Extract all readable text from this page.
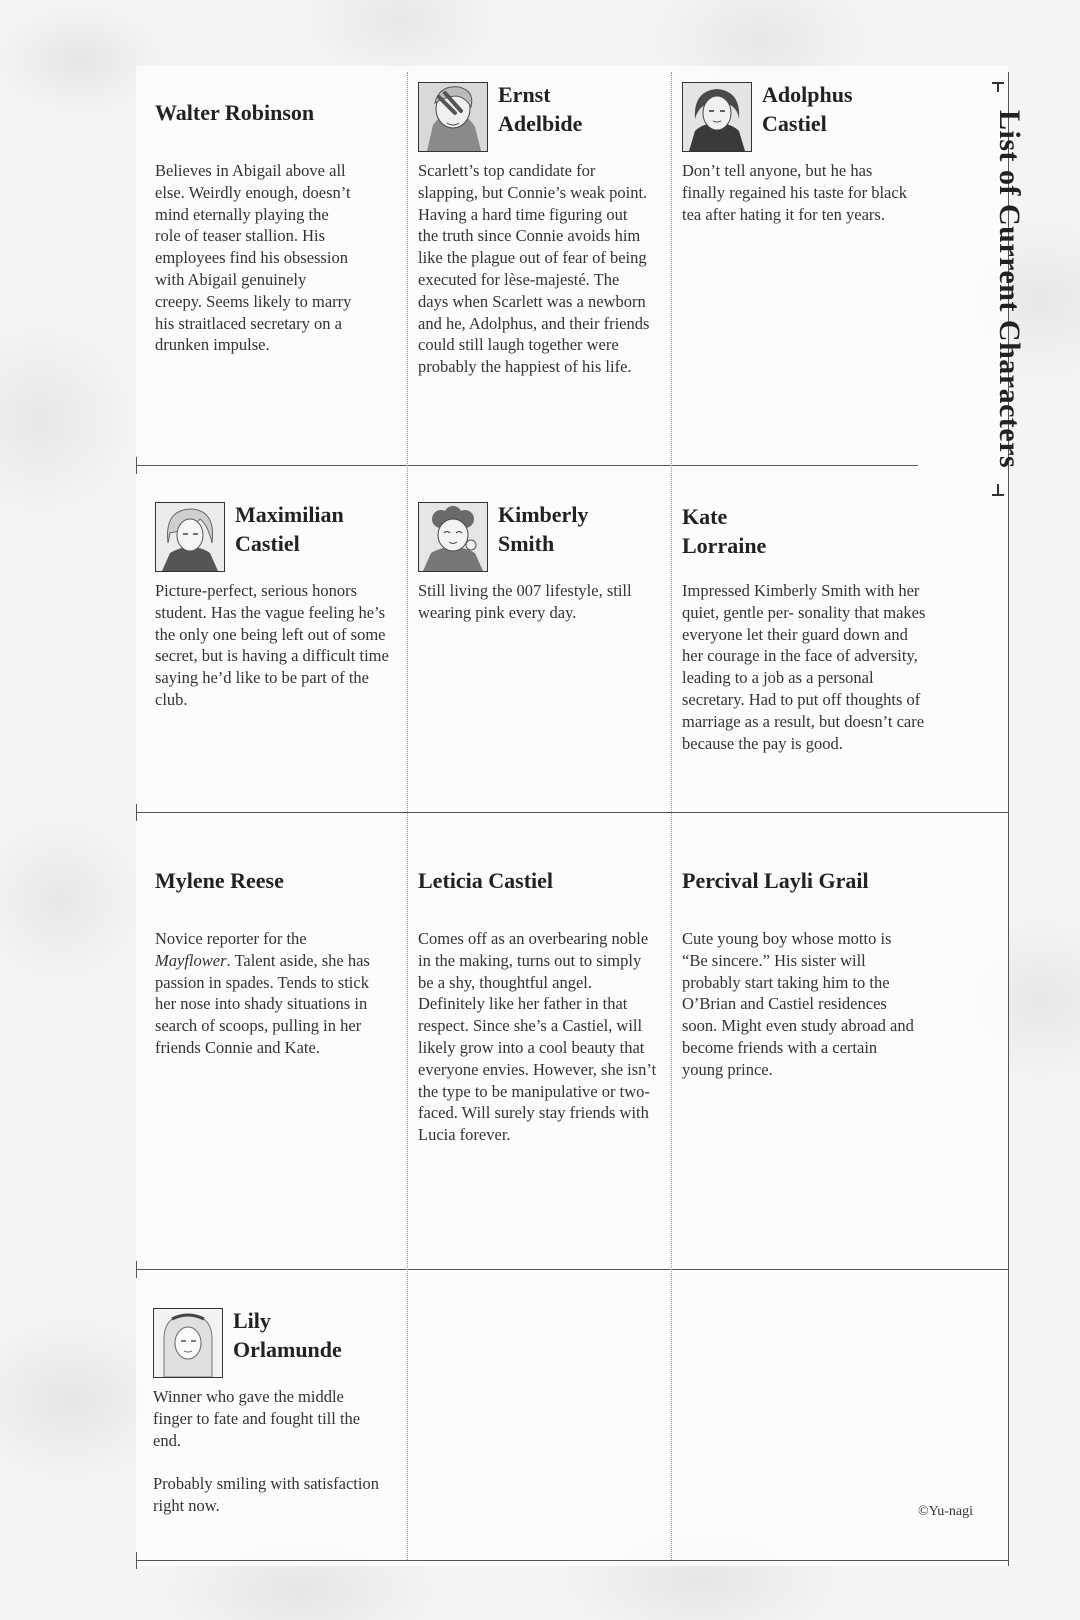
List of Current Characters
Walter Robinson

Believes in Abigail above all else. Weirdly enough, doesn’t mind eternally playing the role of teaser stallion. His employees find his obsession with Abigail genuinely creepy. Seems likely to marry his straitlaced secretary on a drunken impulse.

Ernst Adelbide

Scarlett’s top candidate for slapping, but Connie’s weak point. Having a hard time figuring out the truth since Connie avoids him like the plague out of fear of being executed for lèse-majesté. The days when Scarlett was a newborn and he, Adolphus, and their friends could still laugh together were probably the happiest of his life.

Adolphus Castiel

Don’t tell anyone, but he has finally regained his taste for black tea after hating it for ten years.

Maximilian Castiel

Picture-perfect, serious honors student. Has the vague feeling he’s the only one being left out of some secret, but is having a difficult time saying he’d like to be part of the club.

Kimberly Smith

Still living the 007 lifestyle, still wearing pink every day.

Kate Lorraine

Impressed Kimberly Smith with her quiet, gentle per- sonality that makes everyone let their guard down and her courage in the face of adversity, leading to a job as a personal secretary. Had to put off thoughts of marriage as a result, but doesn’t care because the pay is good.

Mylene Reese

Novice reporter for the Mayflower. Talent aside, she has passion in spades. Tends to stick her nose into shady situations in search of scoops, pulling in her friends Connie and Kate.

Leticia Castiel

Comes off as an overbearing noble in the making, turns out to simply be a shy, thoughtful angel. Definitely like her father in that respect. Since she’s a Castiel, will likely grow into a cool beauty that everyone envies. However, she isn’t the type to be manipulative or two-faced. Will surely stay friends with Lucia forever.

Percival Layli Grail

Cute young boy whose motto is “Be sincere.” His sister will probably start taking him to the O’Brian and Castiel residences soon. Might even study abroad and become friends with a certain young prince.

Lily Orlamunde

Winner who gave the middle finger to fate and fought till the end.
Probably smiling with satisfaction right now.	©Yu-nagi
